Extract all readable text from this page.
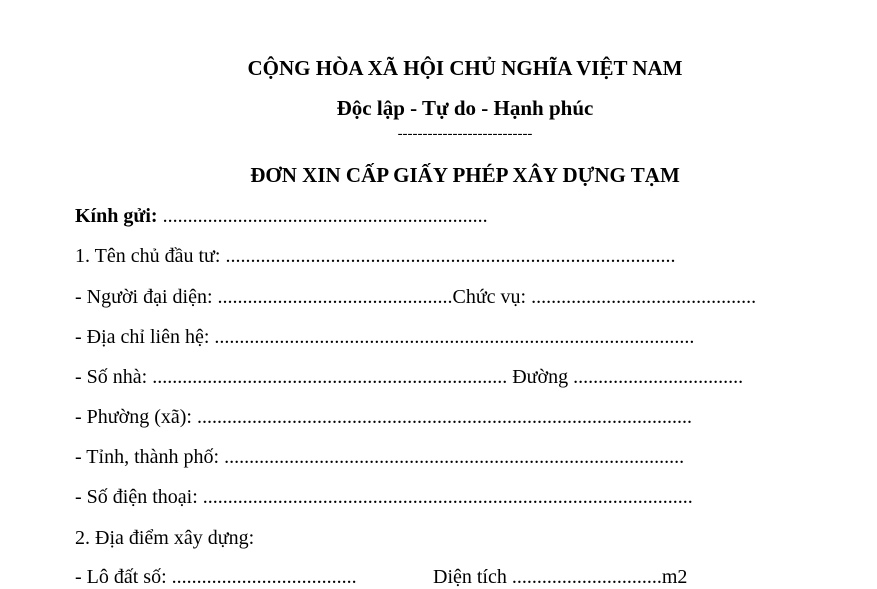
CỘNG HÒA XÃ HỘI CHỦ NGHĨA VIỆT NAM
Độc lập - Tự do - Hạnh phúc
---------------------------
ĐƠN XIN CẤP GIẤY PHÉP XÂY DỰNG TẠM
Kính gửi: .................................................................
1. Tên chủ đầu tư: ..........................................................................................
- Người đại diện: ...............................................Chức vụ: .............................................
- Địa chỉ liên hệ: ................................................................................................
- Số nhà: ....................................................................... Đường ..................................
- Phường (xã): ...................................................................................................
- Tỉnh, thành phố: ............................................................................................
- Số điện thoại: ..................................................................................................
2. Địa điểm xây dựng:
- Lô đất số: .....................................	Diện tích ..............................m2
